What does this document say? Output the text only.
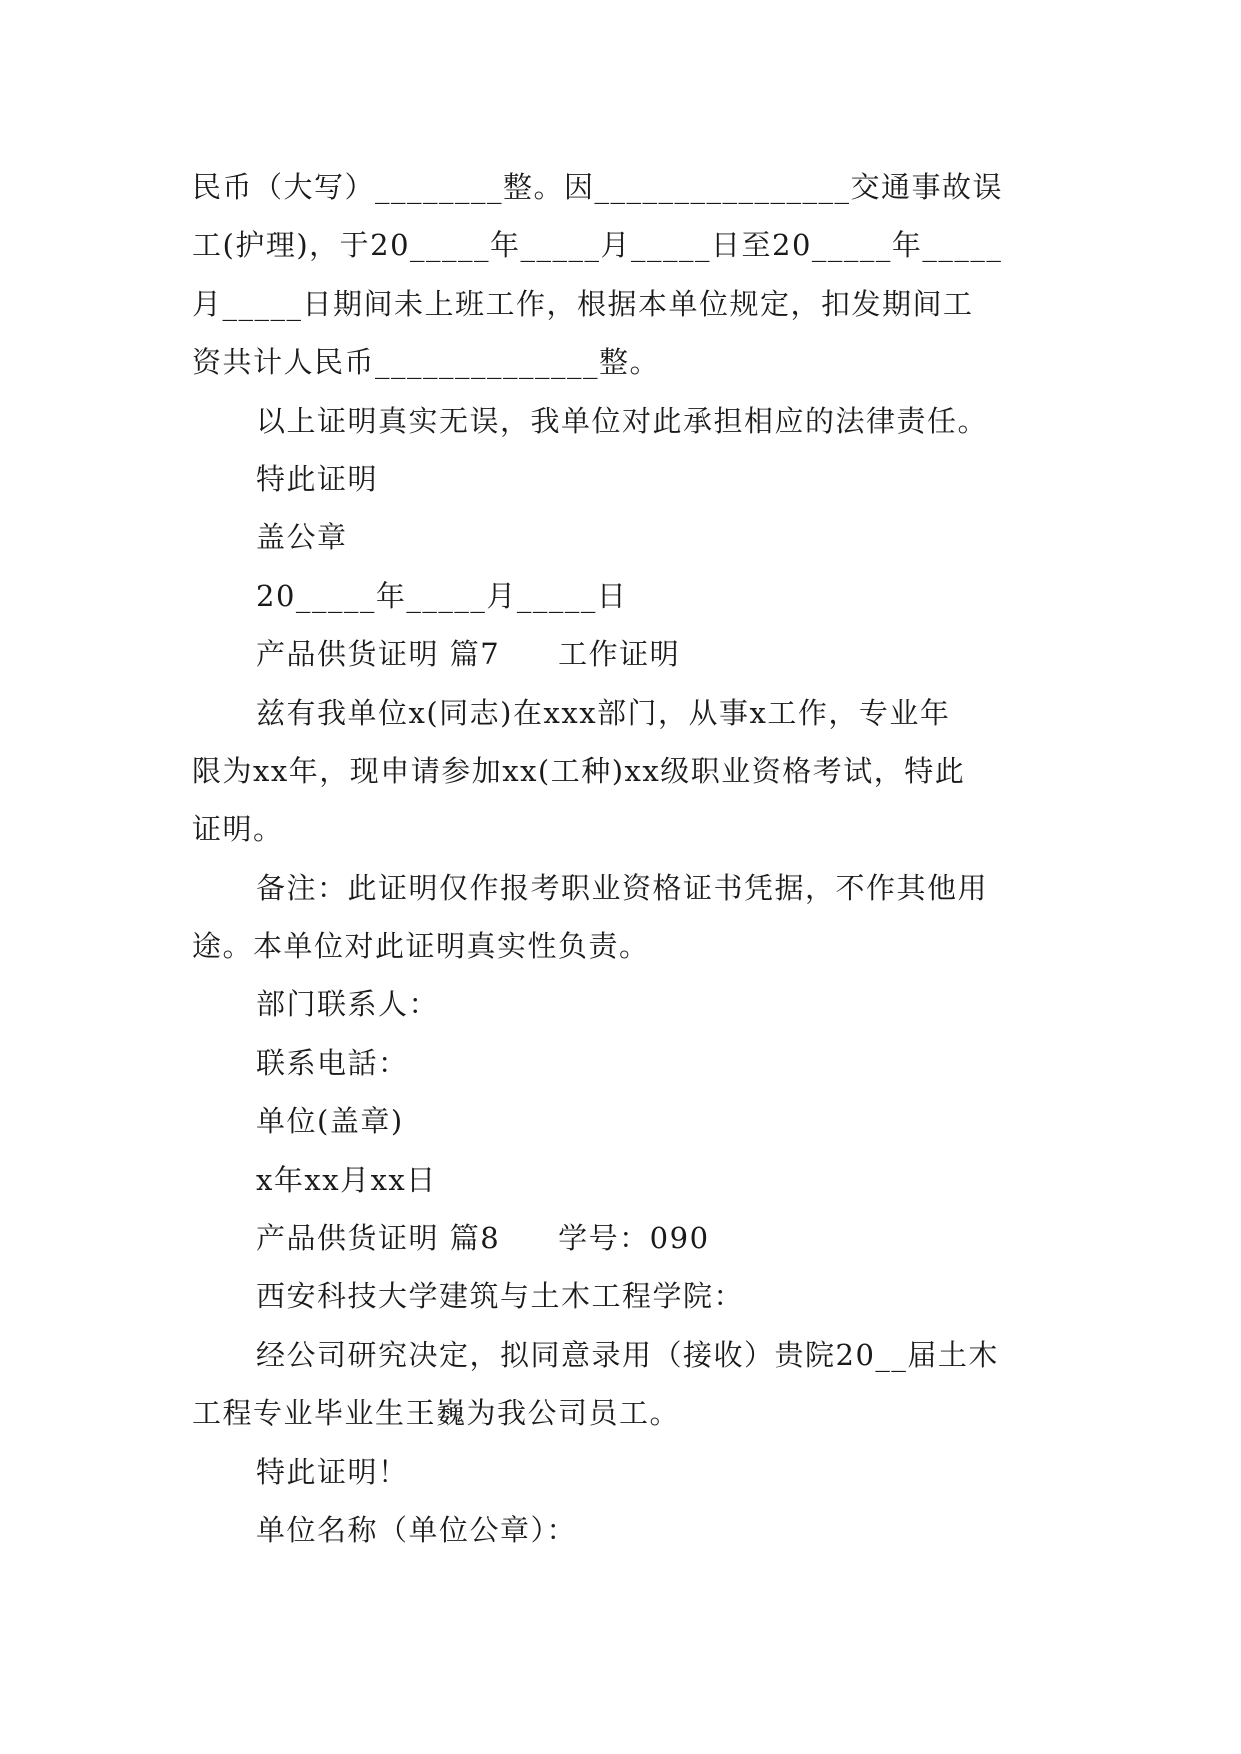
民币（大写）________整。因________________交通事故误
工(护理)，于20_____年_____月_____日至20_____年_____
月_____日期间未上班工作，根据本单位规定，扣发期间工
资共计人民币______________整。
以上证明真实无误，我单位对此承担相应的法律责任。
特此证明
盖公章
20_____年_____月_____日
产品供货证明 篇7 工作证明
兹有我单位x(同志)在xxx部门，从事x工作，专业年
限为xx年，现申请参加xx(工种)xx级职业资格考试，特此
证明。
备注：此证明仅作报考职业资格证书凭据，不作其他用
途。本单位对此证明真实性负责。
部门联系人：
联系电話：
单位(盖章)
x年xx月xx日
产品供货证明 篇8 学号：090
西安科技大学建筑与土木工程学院：
经公司研究决定，拟同意录用（接收）贵院20__届土木
工程专业毕业生王巍为我公司员工。
特此证明！
单位名称（单位公章）：
